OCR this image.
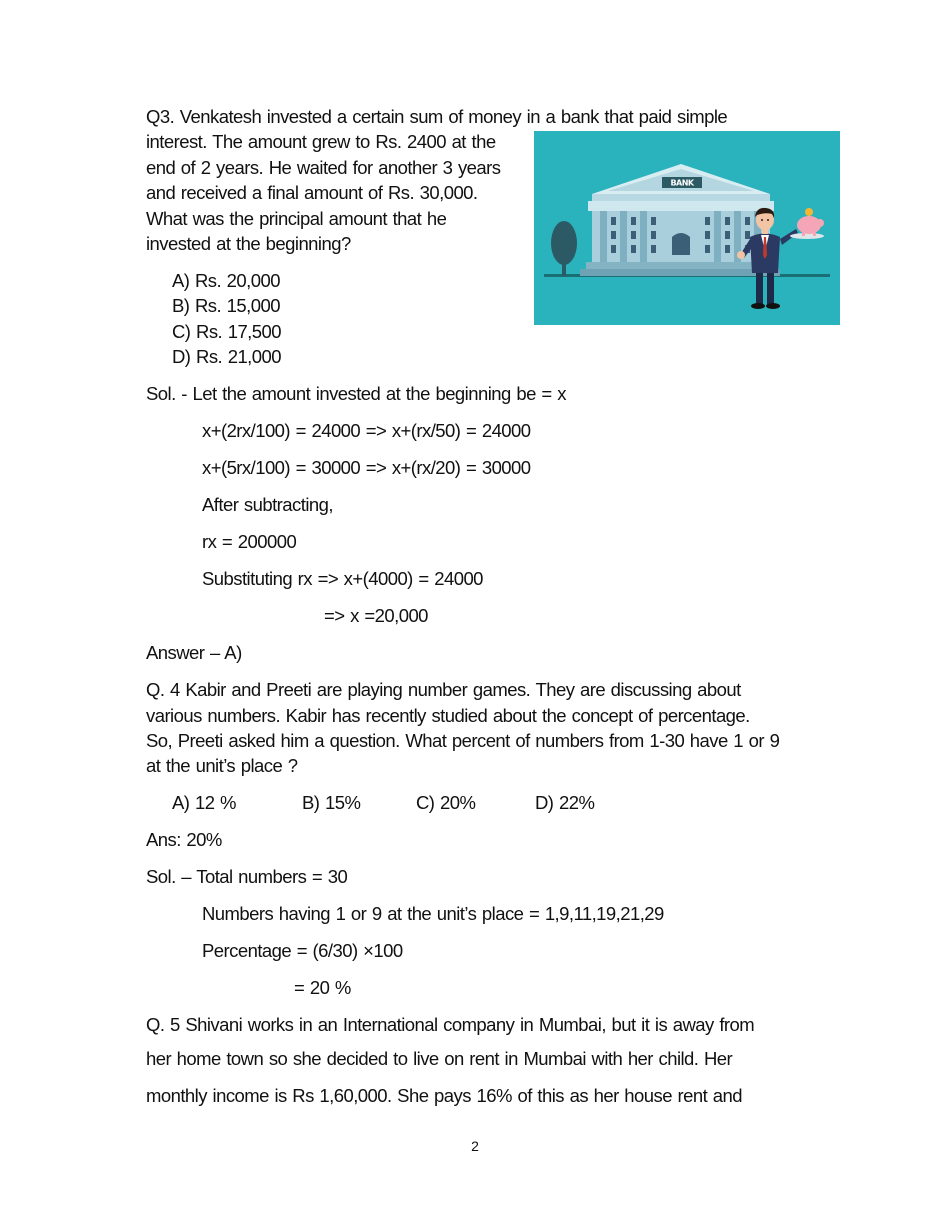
Q3. Venkatesh invested a certain sum of money in a bank that paid simple
interest. The amount grew to Rs. 2400 at the
end of 2 years. He waited for another 3 years
and received a final amount of Rs. 30,000.
What was the principal amount that he
invested at the beginning?
A) Rs. 20,000
B) Rs. 15,000
C) Rs. 17,500
D) Rs. 21,000
BANK
Sol. - Let the amount invested at the beginning be = x
x+(2rx/100) = 24000 => x+(rx/50) = 24000
x+(5rx/100) = 30000 => x+(rx/20) = 30000
After subtracting,
rx = 200000
Substituting rx => x+(4000) = 24000
=> x =20,000
Answer – A)
Q. 4 Kabir and Preeti are playing number games. They are discussing about
various numbers. Kabir has recently studied about the concept of percentage.
So, Preeti asked him a question. What percent of numbers from 1-30 have 1 or 9
at the unit’s place ?
A) 12 %	B) 15%	C) 20%	D) 22%
Ans: 20%
Sol. – Total numbers = 30
Numbers having 1 or 9 at the unit’s place = 1,9,11,19,21,29
Percentage = (6/30) ×100
= 20 %
Q. 5 Shivani works in an International company in Mumbai, but it is away from
her home town so she decided to live on rent in Mumbai with her child. Her
monthly income is Rs 1,60,000. She pays 16% of this as her house rent and
2
